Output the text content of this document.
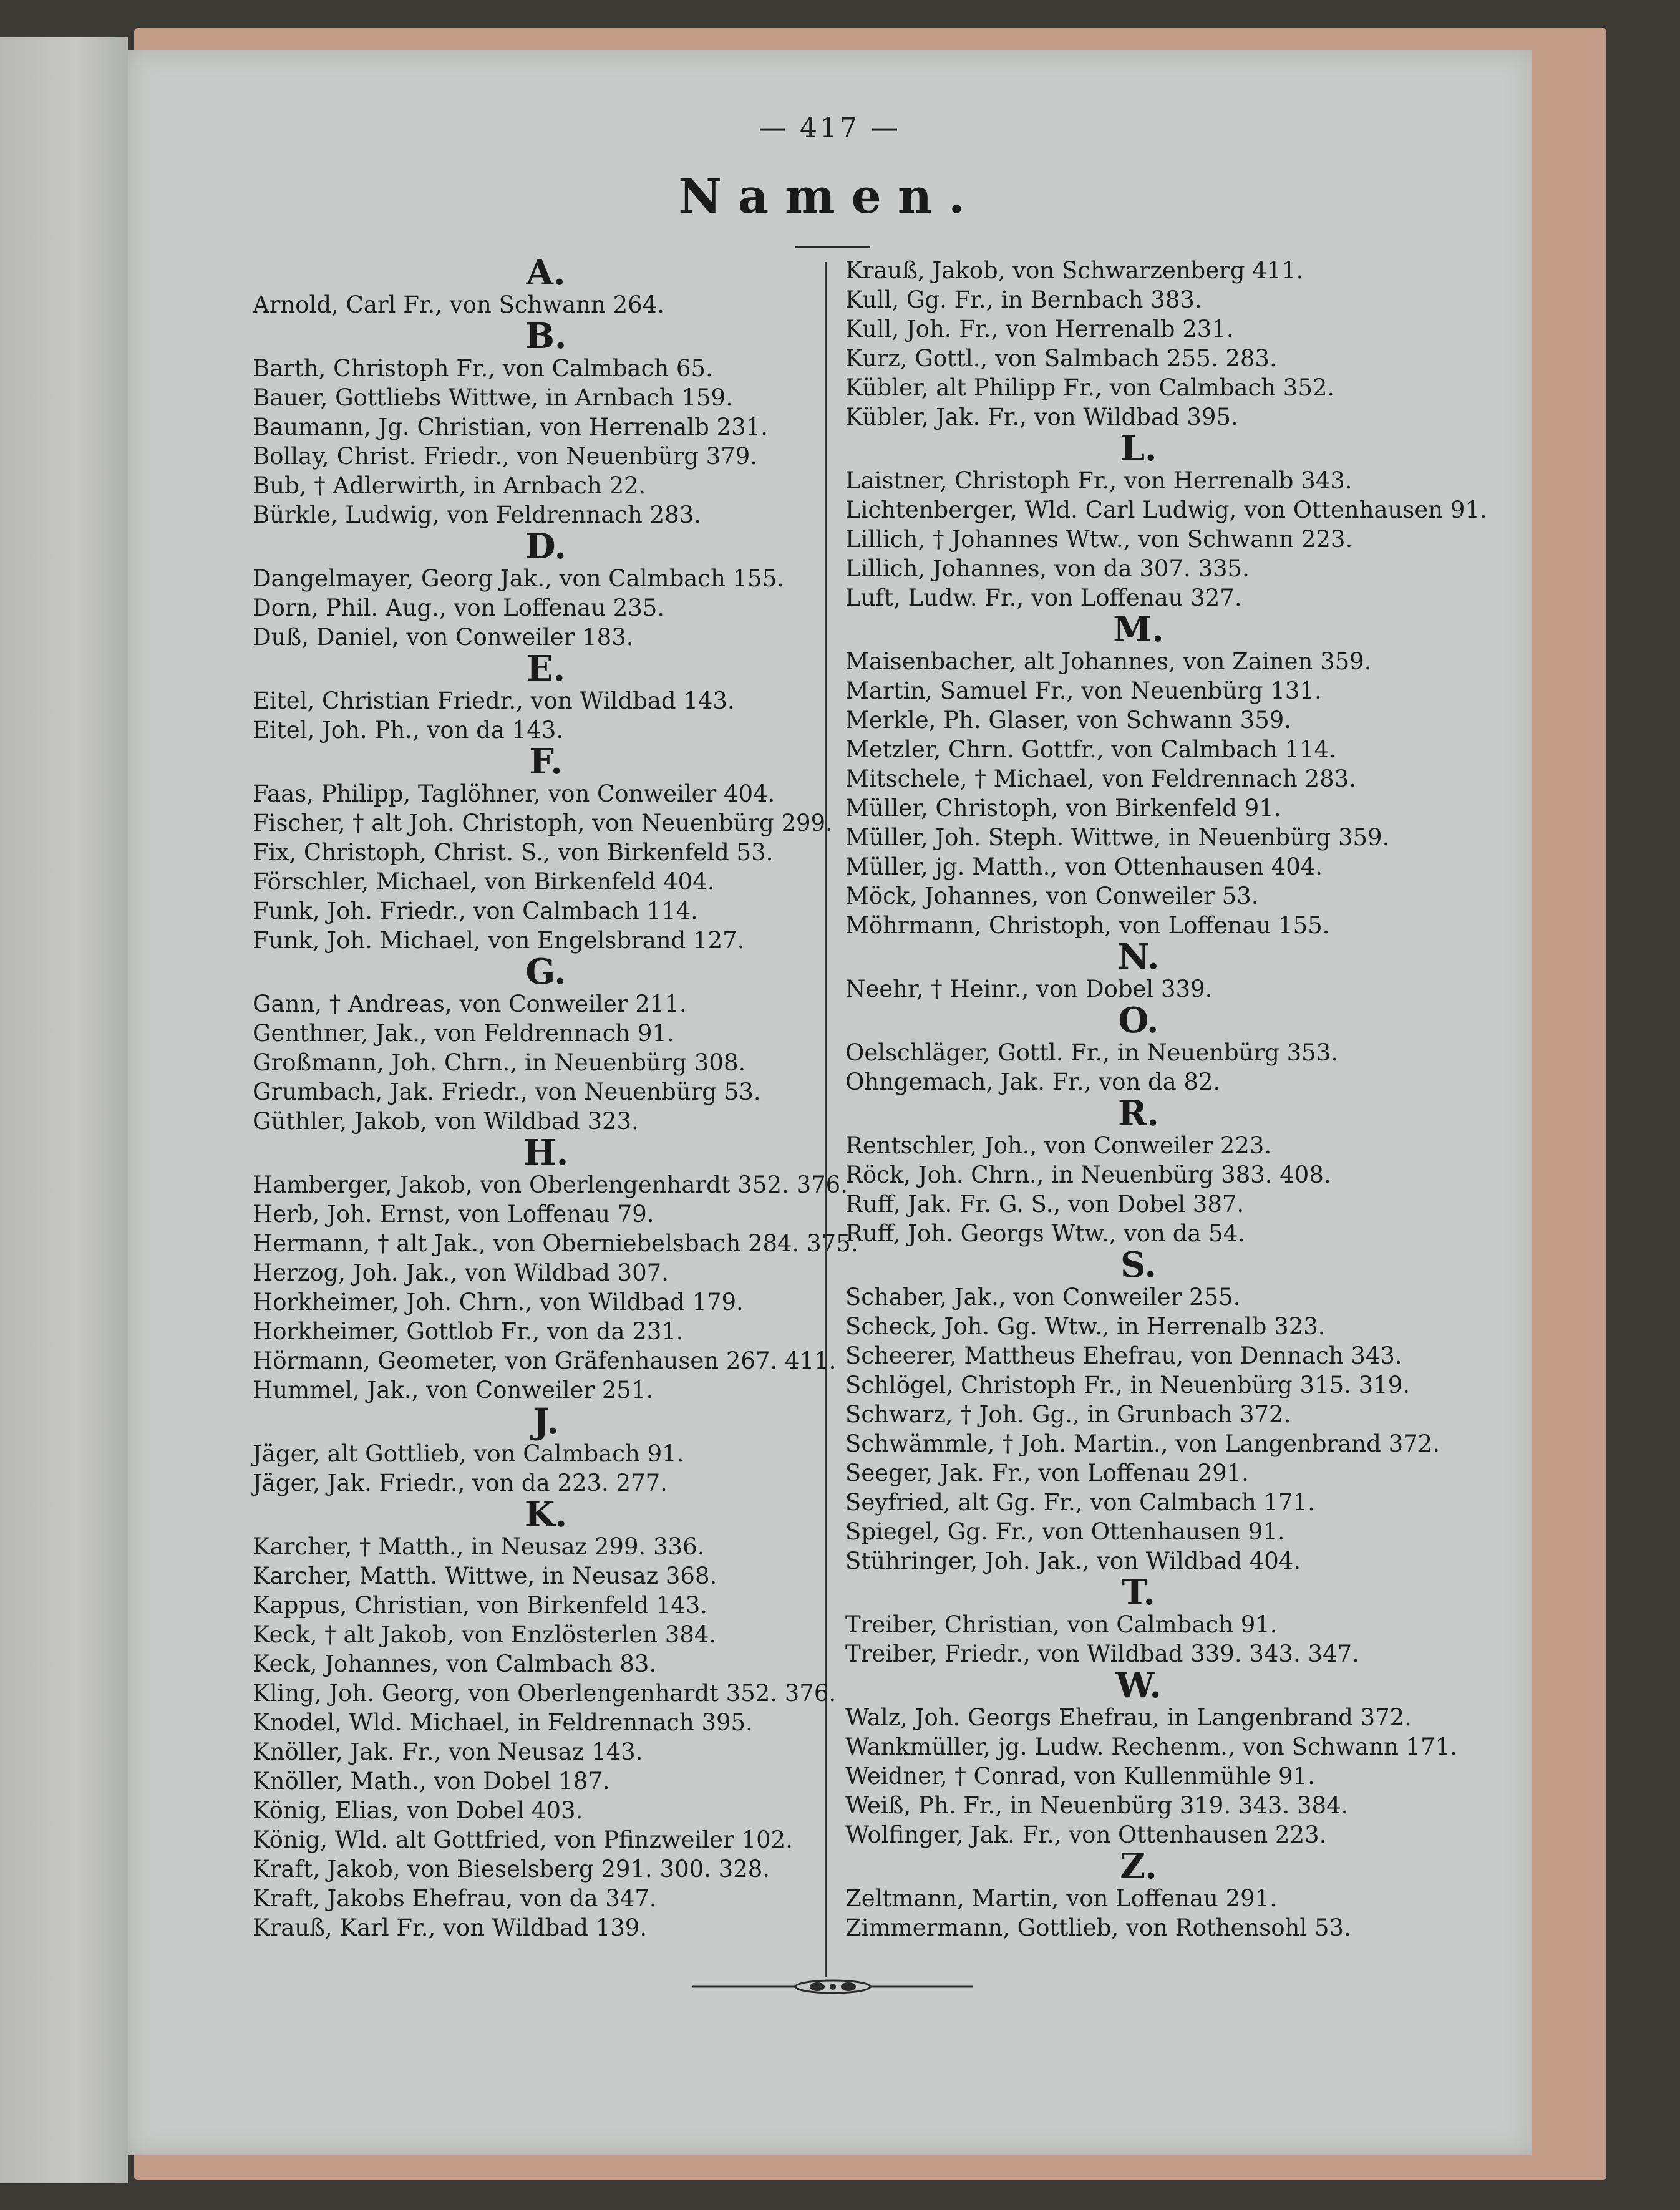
— 417 —
Namen.
A.
Arnold, Carl Fr., von Schwann 264.
B.
Barth, Christoph Fr., von Calmbach 65.
Bauer, Gottliebs Wittwe, in Arnbach 159.
Baumann, Jg. Christian, von Herrenalb 231.
Bollay, Christ. Friedr., von Neuenbürg 379.
Bub, † Adlerwirth, in Arnbach 22.
Bürkle, Ludwig, von Feldrennach 283.
D.
Dangelmayer, Georg Jak., von Calmbach 155.
Dorn, Phil. Aug., von Loffenau 235.
Duß, Daniel, von Conweiler 183.
E.
Eitel, Christian Friedr., von Wildbad 143.
Eitel, Joh. Ph., von da 143.
F.
Faas, Philipp, Taglöhner, von Conweiler 404.
Fischer, † alt Joh. Christoph, von Neuenbürg 299.
Fix, Christoph, Christ. S., von Birkenfeld 53.
Förschler, Michael, von Birkenfeld 404.
Funk, Joh. Friedr., von Calmbach 114.
Funk, Joh. Michael, von Engelsbrand 127.
G.
Gann, † Andreas, von Conweiler 211.
Genthner, Jak., von Feldrennach 91.
Großmann, Joh. Chrn., in Neuenbürg 308.
Grumbach, Jak. Friedr., von Neuenbürg 53.
Güthler, Jakob, von Wildbad 323.
H.
Hamberger, Jakob, von Oberlengenhardt 352. 376.
Herb, Joh. Ernst, von Loffenau 79.
Hermann, † alt Jak., von Oberniebelsbach 284. 375.
Herzog, Joh. Jak., von Wildbad 307.
Horkheimer, Joh. Chrn., von Wildbad 179.
Horkheimer, Gottlob Fr., von da 231.
Hörmann, Geometer, von Gräfenhausen 267. 411.
Hummel, Jak., von Conweiler 251.
J.
Jäger, alt Gottlieb, von Calmbach 91.
Jäger, Jak. Friedr., von da 223. 277.
K.
Karcher, † Matth., in Neusaz 299. 336.
Karcher, Matth. Wittwe, in Neusaz 368.
Kappus, Christian, von Birkenfeld 143.
Keck, † alt Jakob, von Enzlösterlen 384.
Keck, Johannes, von Calmbach 83.
Kling, Joh. Georg, von Oberlengenhardt 352. 376.
Knodel, Wld. Michael, in Feldrennach 395.
Knöller, Jak. Fr., von Neusaz 143.
Knöller, Math., von Dobel 187.
König, Elias, von Dobel 403.
König, Wld. alt Gottfried, von Pfinzweiler 102.
Kraft, Jakob, von Bieselsberg 291. 300. 328.
Kraft, Jakobs Ehefrau, von da 347.
Krauß, Karl Fr., von Wildbad 139.
Krauß, Jakob, von Schwarzenberg 411.
Kull, Gg. Fr., in Bernbach 383.
Kull, Joh. Fr., von Herrenalb 231.
Kurz, Gottl., von Salmbach 255. 283.
Kübler, alt Philipp Fr., von Calmbach 352.
Kübler, Jak. Fr., von Wildbad 395.
L.
Laistner, Christoph Fr., von Herrenalb 343.
Lichtenberger, Wld. Carl Ludwig, von Ottenhausen 91.
Lillich, † Johannes Wtw., von Schwann 223.
Lillich, Johannes, von da 307. 335.
Luft, Ludw. Fr., von Loffenau 327.
M.
Maisenbacher, alt Johannes, von Zainen 359.
Martin, Samuel Fr., von Neuenbürg 131.
Merkle, Ph. Glaser, von Schwann 359.
Metzler, Chrn. Gottfr., von Calmbach 114.
Mitschele, † Michael, von Feldrennach 283.
Müller, Christoph, von Birkenfeld 91.
Müller, Joh. Steph. Wittwe, in Neuenbürg 359.
Müller, jg. Matth., von Ottenhausen 404.
Möck, Johannes, von Conweiler 53.
Möhrmann, Christoph, von Loffenau 155.
N.
Neehr, † Heinr., von Dobel 339.
O.
Oelschläger, Gottl. Fr., in Neuenbürg 353.
Ohngemach, Jak. Fr., von da 82.
R.
Rentschler, Joh., von Conweiler 223.
Röck, Joh. Chrn., in Neuenbürg 383. 408.
Ruff, Jak. Fr. G. S., von Dobel 387.
Ruff, Joh. Georgs Wtw., von da 54.
S.
Schaber, Jak., von Conweiler 255.
Scheck, Joh. Gg. Wtw., in Herrenalb 323.
Scheerer, Mattheus Ehefrau, von Dennach 343.
Schlögel, Christoph Fr., in Neuenbürg 315. 319.
Schwarz, † Joh. Gg., in Grunbach 372.
Schwämmle, † Joh. Martin., von Langenbrand 372.
Seeger, Jak. Fr., von Loffenau 291.
Seyfried, alt Gg. Fr., von Calmbach 171.
Spiegel, Gg. Fr., von Ottenhausen 91.
Stühringer, Joh. Jak., von Wildbad 404.
T.
Treiber, Christian, von Calmbach 91.
Treiber, Friedr., von Wildbad 339. 343. 347.
W.
Walz, Joh. Georgs Ehefrau, in Langenbrand 372.
Wankmüller, jg. Ludw. Rechenm., von Schwann 171.
Weidner, † Conrad, von Kullenmühle 91.
Weiß, Ph. Fr., in Neuenbürg 319. 343. 384.
Wolfinger, Jak. Fr., von Ottenhausen 223.
Z.
Zeltmann, Martin, von Loffenau 291.
Zimmermann, Gottlieb, von Rothensohl 53.
